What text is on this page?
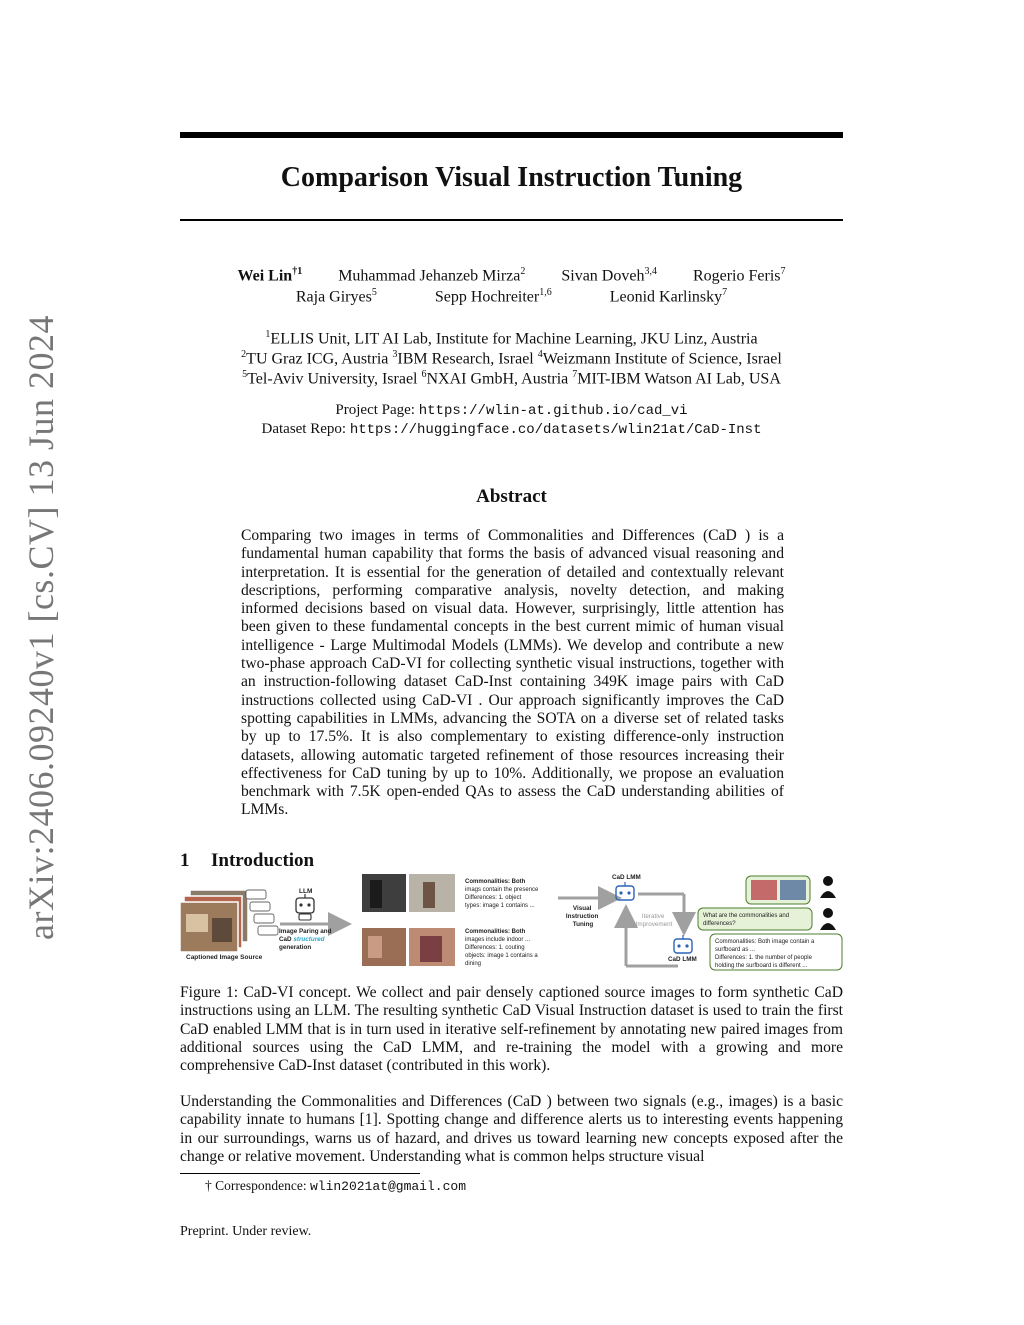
arXiv:2406.09240v1 [cs.CV] 13 Jun 2024
Comparison Visual Instruction Tuning
Wei Lin$^{\dagger 1}$ Muhammad Jehanzeb Mirza$^2$ Sivan Doveh$^{3,4}$ Rogerio Feris$^7$
Raja Giryes$^5$	Sepp Hochreiter$^{1,6}$	Leonid Karlinsky$^7$
$^1$ELLIS Unit, LIT AI Lab, Institute for Machine Learning, JKU Linz, Austria
$^2$TU Graz ICG, Austria $^3$IBM Research, Israel $^4$Weizmann Institute of Science, Israel
$^5$Tel-Aviv University, Israel $^6$NXAI GmbH, Austria $^7$MIT-IBM Watson AI Lab, USA
Project Page: https://wlin-at.github.io/cad_vi
Dataset Repo: https://huggingface.co/datasets/wlin21at/CaD-Inst
Abstract
Comparing two images in terms of Commonalities and Differences (CaD ) is a fundamental human capability that forms the basis of advanced visual reasoning and interpretation. It is essential for the generation of detailed and contextually relevant descriptions, performing comparative analysis, novelty detection, and making informed decisions based on visual data. However, surprisingly, little attention has been given to these fundamental concepts in the best current mimic of human visual intelligence - Large Multimodal Models (LMMs). We develop and contribute a new two-phase approach CaD-VI for collecting synthetic visual instructions, together with an instruction-following dataset CaD-Inst containing 349K image pairs with CaD instructions collected using CaD-VI . Our approach significantly improves the CaD spotting capabilities in LMMs, advancing the SOTA on a diverse set of related tasks by up to 17.5%. It is also complementary to existing difference-only instruction datasets, allowing automatic targeted refinement of those resources increasing their effectiveness for CaD tuning by up to 10%. Additionally, we propose an evaluation benchmark with 7.5K open-ended QAs to assess the CaD understanding abilities of LMMs.
1 Introduction
Captioned Image Source
LLM
Image Paring and
CaD structured
generation
Commonalities: Both imags contain the presence Differences: 1. object types: image 1 contains ...
Commonalities: Both images include indoor ... Differences: 1. couting objects: image 1 contains a dining
Visual Instruction Tuning
CaD LMM
Iterative Improvement
CaD LMM
What are the commonalities and differences?
Commonalities: Both image contain a surfboard as ... Differences: 1. the number of people holding the surfboard is different ...
Figure 1: CaD-VI concept. We collect and pair densely captioned source images to form synthetic CaD instructions using an LLM. The resulting synthetic CaD Visual Instruction dataset is used to train the first CaD enabled LMM that is in turn used in iterative self-refinement by annotating new paired images from additional sources using the CaD LMM, and re-training the model with a growing and more comprehensive CaD-Inst dataset (contributed in this work).
Understanding the Commonalities and Differences (CaD ) between two signals (e.g., images) is a basic capability innate to humans [1]. Spotting change and difference alerts us to interesting events happening in our surroundings, warns us of hazard, and drives us toward learning new concepts exposed after the change or relative movement. Understanding what is common helps structure visual
† Correspondence: wlin2021at@gmail.com
Preprint. Under review.
